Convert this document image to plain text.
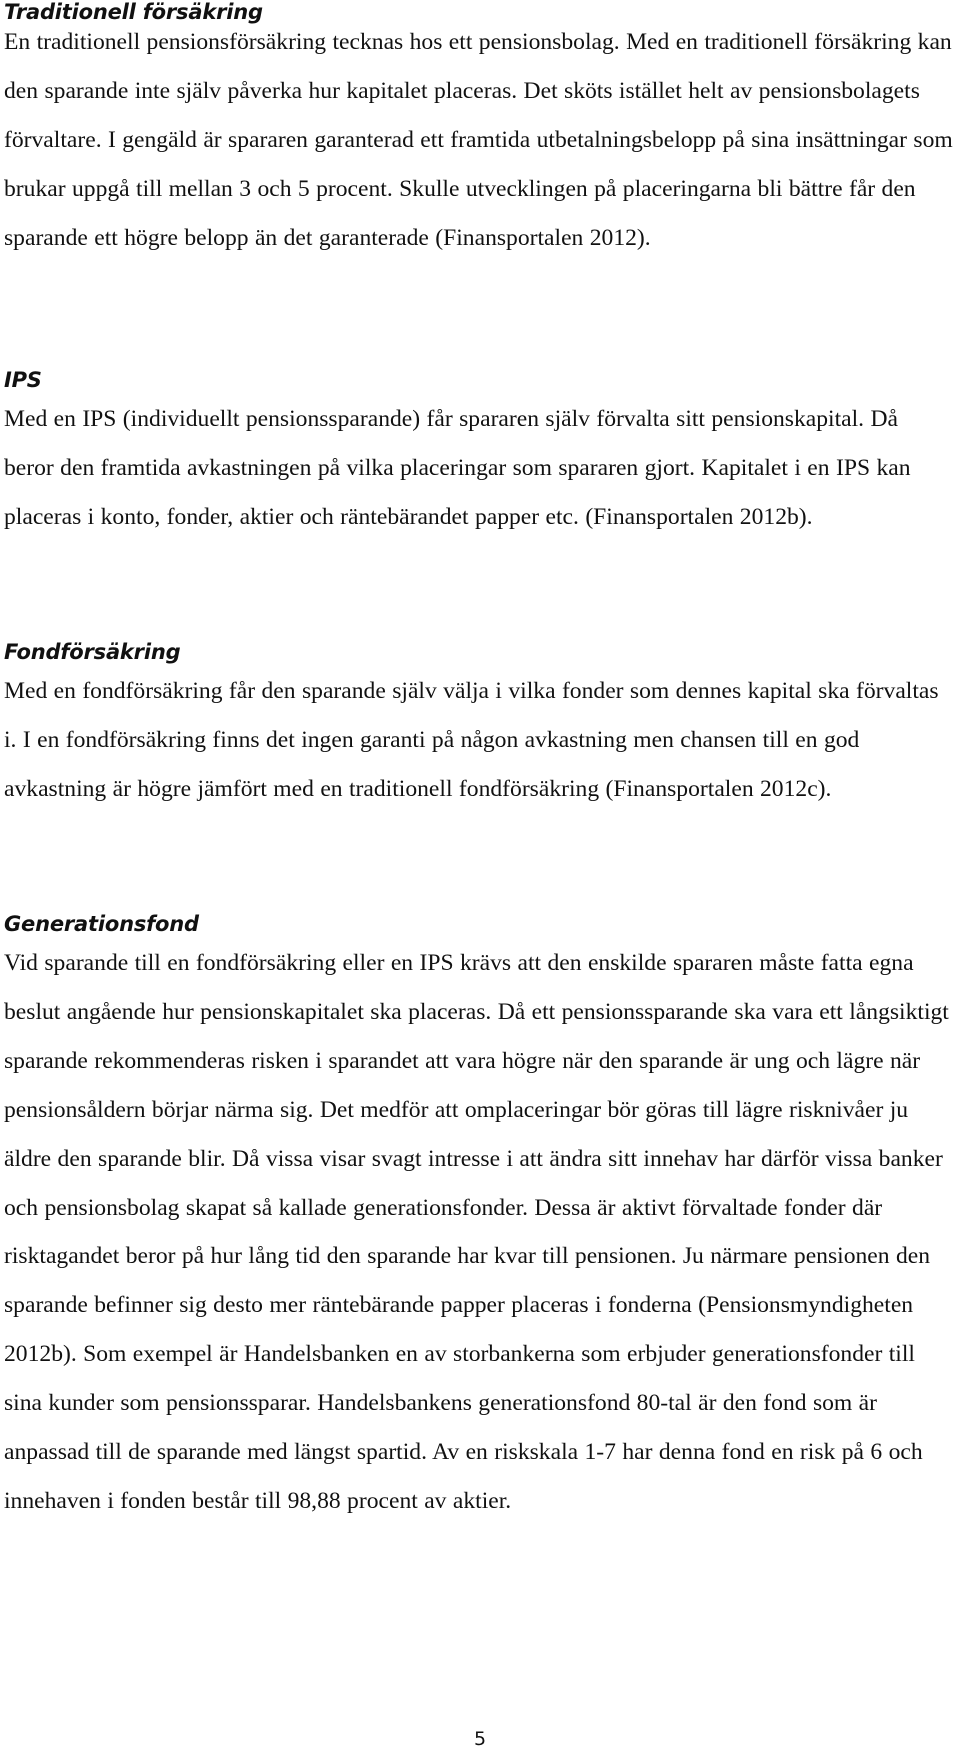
Traditionell försäkring

En traditionell pensionsförsäkring tecknas hos ett pensionsbolag. Med en traditionell försäkring kan den sparande inte själv påverka hur kapitalet placeras. Det sköts istället helt av pensionsbolagets förvaltare. I gengäld är spararen garanterad ett framtida utbetalningsbelopp på sina insättningar som brukar uppgå till mellan 3 och 5 procent. Skulle utvecklingen på placeringarna bli bättre får den sparande ett högre belopp än det garanterade (Finansportalen 2012).

IPS

Med en IPS (individuellt pensionssparande) får spararen själv förvalta sitt pensionskapital. Då beror den framtida avkastningen på vilka placeringar som spararen gjort. Kapitalet i en IPS kan placeras i konto, fonder, aktier och räntebärandet papper etc. (Finansportalen 2012b).

Fondförsäkring

Med en fondförsäkring får den sparande själv välja i vilka fonder som dennes kapital ska förvaltas i. I en fondförsäkring finns det ingen garanti på någon avkastning men chansen till en god avkastning är högre jämfört med en traditionell fondförsäkring (Finansportalen 2012c).

Generationsfond

Vid sparande till en fondförsäkring eller en IPS krävs att den enskilde spararen måste fatta egna beslut angående hur pensionskapitalet ska placeras. Då ett pensionssparande ska vara ett långsiktigt sparande rekommenderas risken i sparandet att vara högre när den sparande är ung och lägre när pensionsåldern börjar närma sig. Det medför att omplaceringar bör göras till lägre risknivåer ju äldre den sparande blir. Då vissa visar svagt intresse i att ändra sitt innehav har därför vissa banker och pensionsbolag skapat så kallade generationsfonder. Dessa är aktivt förvaltade fonder där risktagandet beror på hur lång tid den sparande har kvar till pensionen. Ju närmare pensionen den sparande befinner sig desto mer räntebärande papper placeras i fonderna (Pensionsmyndigheten 2012b). Som exempel är Handelsbanken en av storbankerna som erbjuder generationsfonder till sina kunder som pensionssparar. Handelsbankens generationsfond 80-tal är den fond som är anpassad till de sparande med längst spartid. Av en riskskala 1-7 har denna fond en risk på 6 och innehaven i fonden består till 98,88 procent av aktier.

5
